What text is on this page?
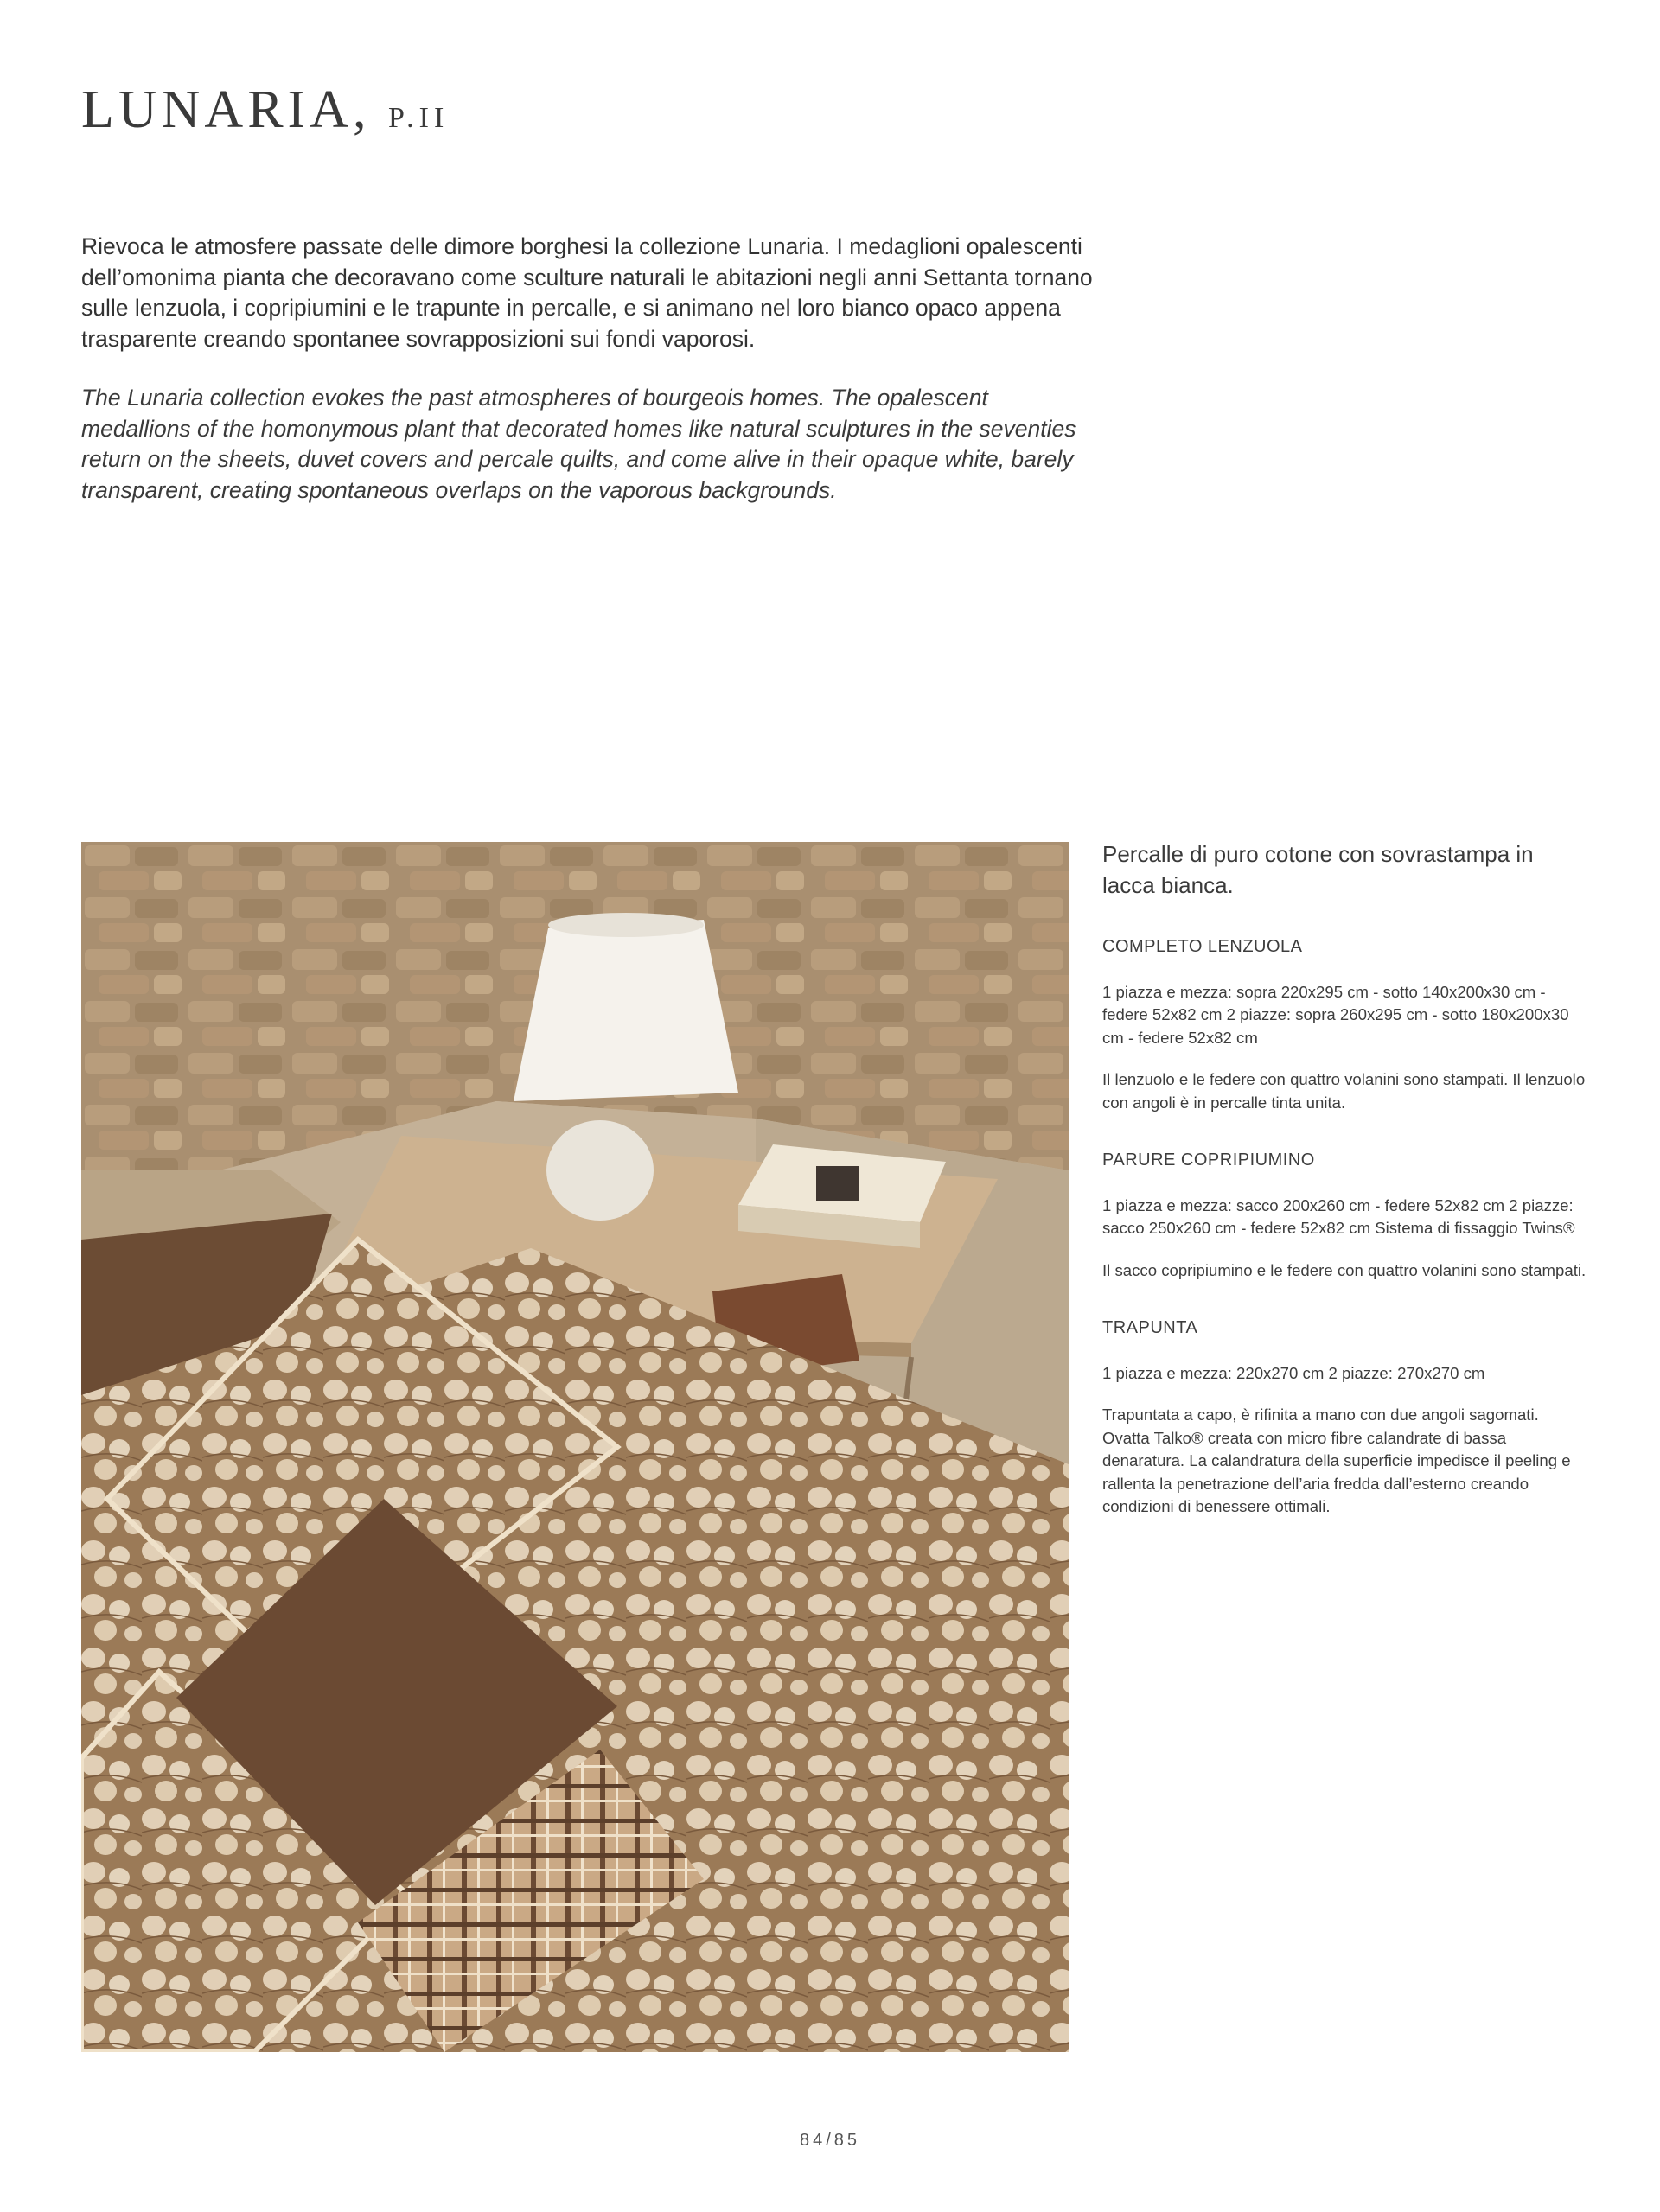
LUNARIA, P.II

Rievoca le atmosfere passate delle dimore borghesi la collezione Lunaria. I medaglioni opalescenti dell’omonima pianta che decoravano come sculture naturali le abitazioni negli anni Settanta tornano sulle lenzuola, i copripiumini e le trapunte in percalle, e si animano nel loro bianco opaco appena trasparente creando spontanee sovrapposizioni sui fondi vaporosi.

The Lunaria collection evokes the past atmospheres of bourgeois homes. The opalescent medallions of the homonymous plant that decorated homes like natural sculptures in the seventies return on the sheets, duvet covers and percale quilts, and come alive in their opaque white, barely transparent, creating spontaneous overlaps on the vaporous backgrounds.

Percalle di puro cotone con sovrastampa in lacca bianca.

COMPLETO LENZUOLA

1 piazza e mezza: sopra 220x295 cm - sotto 140x200x30 cm - federe 52x82 cm 2 piazze: sopra 260x295 cm - sotto 180x200x30 cm - federe 52x82 cm

Il lenzuolo e le federe con quattro volanini sono stampati. Il lenzuolo con angoli è in percalle tinta unita.

PARURE COPRIPIUMINO

1 piazza e mezza: sacco 200x260 cm - federe 52x82 cm 2 piazze: sacco 250x260 cm - federe 52x82 cm Sistema di fissaggio Twins®

Il sacco copripiumino e le federe con quattro volanini sono stampati.

TRAPUNTA

1 piazza e mezza: 220x270 cm 2 piazze: 270x270 cm

Trapuntata a capo, è rifinita a mano con due angoli sagomati. Ovatta Talko® creata con micro fibre calandrate di bassa denaratura. La calandratura della superficie impedisce il peeling e rallenta la penetrazione dell’aria fredda dall’esterno creando condizioni di benessere ottimali.

84/85
